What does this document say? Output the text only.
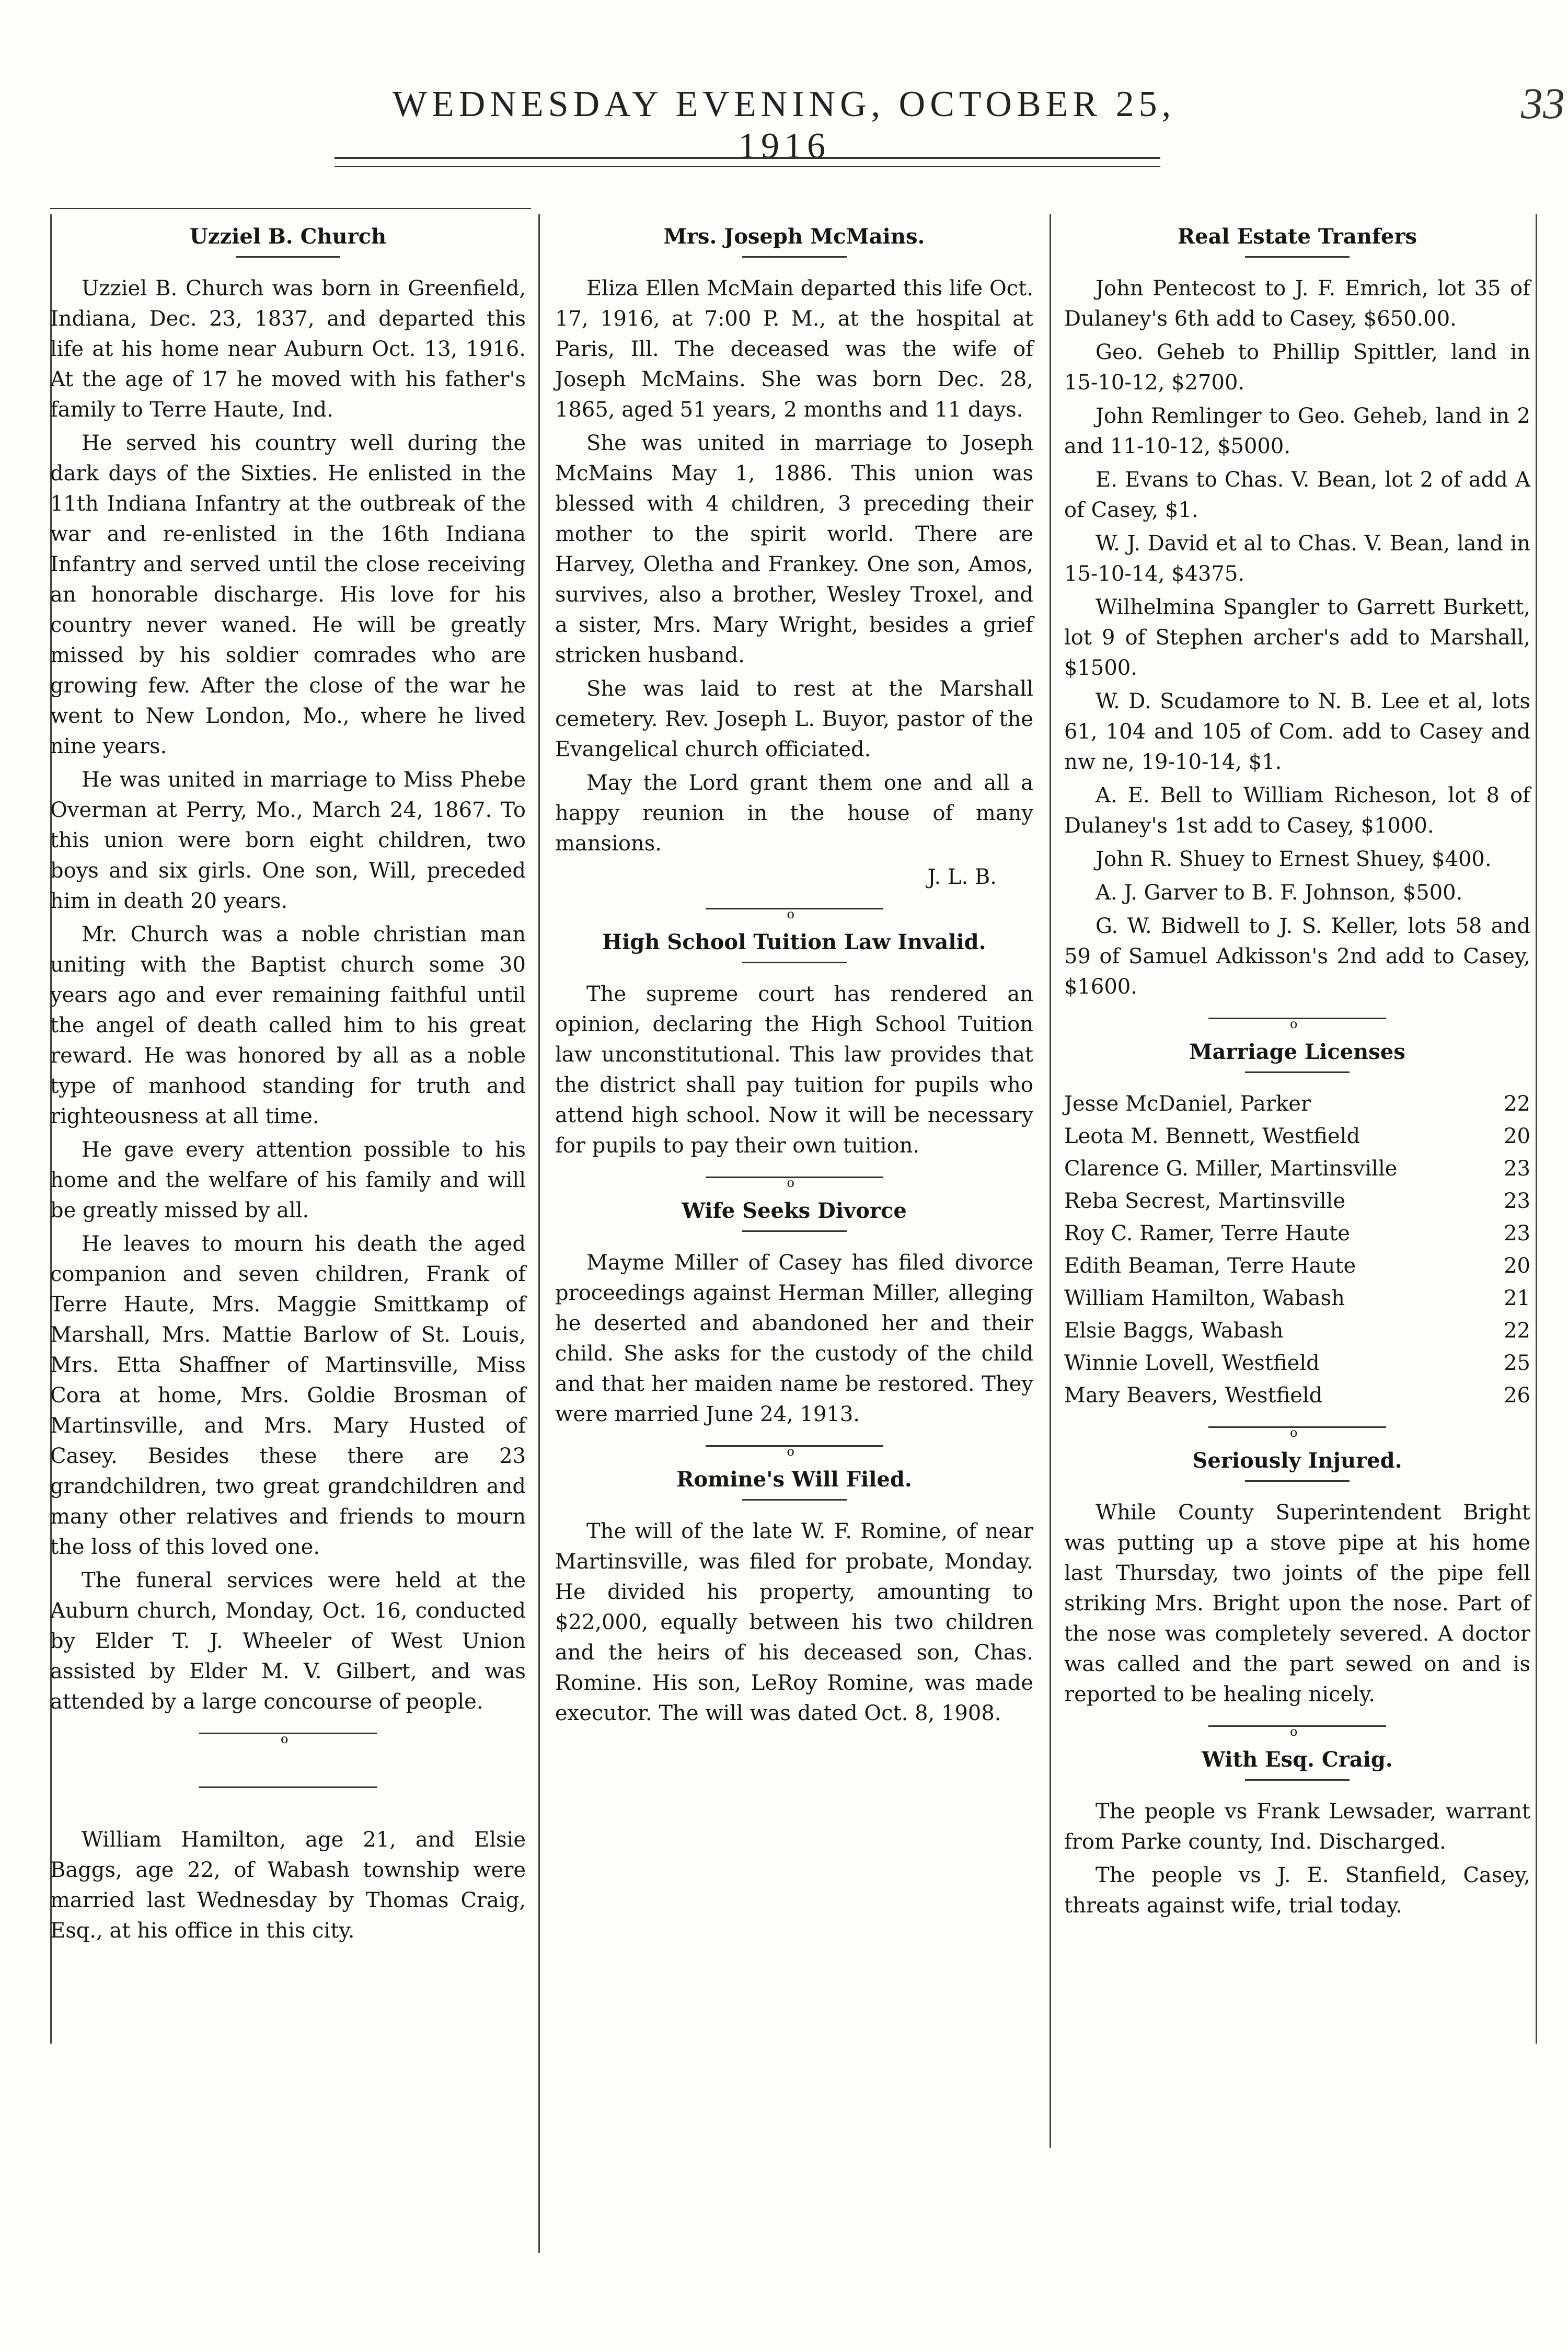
WEDNESDAY EVENING, OCTOBER 25, 1916
33
Uzziel B. Church

Uzziel B. Church was born in Greenfield, Indiana, Dec. 23, 1837, and departed this life at his home near Auburn Oct. 13, 1916. At the age of 17 he moved with his father's family to Terre Haute, Ind.

He served his country well during the dark days of the Sixties. He enlisted in the 11th Indiana Infantry at the outbreak of the war and re-enlisted in the 16th Indiana Infantry and served until the close receiving an honorable discharge. His love for his country never waned. He will be greatly missed by his soldier comrades who are growing few. After the close of the war he went to New London, Mo., where he lived nine years.

He was united in marriage to Miss Phebe Overman at Perry, Mo., March 24, 1867. To this union were born eight children, two boys and six girls. One son, Will, preceded him in death 20 years.

Mr. Church was a noble christian man uniting with the Baptist church some 30 years ago and ever remaining faithful until the angel of death called him to his great reward. He was honored by all as a noble type of manhood standing for truth and righteousness at all time.

He gave every attention possible to his home and the welfare of his family and will be greatly missed by all.

He leaves to mourn his death the aged companion and seven children, Frank of Terre Haute, Mrs. Maggie Smittkamp of Marshall, Mrs. Mattie Barlow of St. Louis, Mrs. Etta Shaffner of Martinsville, Miss Cora at home, Mrs. Goldie Brosman of Martinsville, and Mrs. Mary Husted of Casey. Besides these there are 23 grandchildren, two great grandchildren and many other relatives and friends to mourn the loss of this loved one.

The funeral services were held at the Auburn church, Monday, Oct. 16, conducted by Elder T. J. Wheeler of West Union assisted by Elder M. V. Gilbert, and was attended by a large concourse of people.

o

William Hamilton, age 21, and Elsie Baggs, age 22, of Wabash township were married last Wednesday by Thomas Craig, Esq., at his office in this city.

Mrs. Joseph McMains.

Eliza Ellen McMain departed this life Oct. 17, 1916, at 7:00 P. M., at the hospital at Paris, Ill. The deceased was the wife of Joseph McMains. She was born Dec. 28, 1865, aged 51 years, 2 months and 11 days.

She was united in marriage to Joseph McMains May 1, 1886. This union was blessed with 4 children, 3 preceding their mother to the spirit world. There are Harvey, Oletha and Frankey. One son, Amos, survives, also a brother, Wesley Troxel, and a sister, Mrs. Mary Wright, besides a grief stricken husband.

She was laid to rest at the Marshall cemetery. Rev. Joseph L. Buyor, pastor of the Evangelical church officiated.

May the Lord grant them one and all a happy reunion in the house of many mansions.

J. L. B.

o
High School Tuition Law Invalid.

The supreme court has rendered an opinion, declaring the High School Tuition law unconstitutional. This law provides that the district shall pay tuition for pupils who attend high school. Now it will be necessary for pupils to pay their own tuition.

o
Wife Seeks Divorce

Mayme Miller of Casey has filed divorce proceedings against Herman Miller, alleging he deserted and abandoned her and their child. She asks for the custody of the child and that her maiden name be restored. They were married June 24, 1913.

o
Romine's Will Filed.

The will of the late W. F. Romine, of near Martinsville, was filed for probate, Monday. He divided his property, amounting to $22,000, equally between his two children and the heirs of his deceased son, Chas. Romine. His son, LeRoy Romine, was made executor. The will was dated Oct. 8, 1908.

Real Estate Tranfers

John Pentecost to J. F. Emrich, lot 35 of Dulaney's 6th add to Casey, $650.00.

Geo. Geheb to Phillip Spittler, land in 15-10-12, $2700.

John Remlinger to Geo. Geheb, land in 2 and 11-10-12, $5000.

E. Evans to Chas. V. Bean, lot 2 of add A of Casey, $1.

W. J. David et al to Chas. V. Bean, land in 15-10-14, $4375.

Wilhelmina Spangler to Garrett Burkett, lot 9 of Stephen archer's add to Marshall, $1500.

W. D. Scudamore to N. B. Lee et al, lots 61, 104 and 105 of Com. add to Casey and nw ne, 19-10-14, $1.

A. E. Bell to William Richeson, lot 8 of Dulaney's 1st add to Casey, $1000.

John R. Shuey to Ernest Shuey, $400.

A. J. Garver to B. F. Johnson, $500.

G. W. Bidwell to J. S. Keller, lots 58 and 59 of Samuel Adkisson's 2nd add to Casey, $1600.

o
Marriage Licenses
Jesse McDaniel, Parker	22
Leota M. Bennett, Westfield	20
Clarence G. Miller, Martinsville	23
Reba Secrest, Martinsville	23
Roy C. Ramer, Terre Haute	23
Edith Beaman, Terre Haute	20
William Hamilton, Wabash	21
Elsie Baggs, Wabash	22
Winnie Lovell, Westfield	25
Mary Beavers, Westfield	26
o
Seriously Injured.

While County Superintendent Bright was putting up a stove pipe at his home last Thursday, two joints of the pipe fell striking Mrs. Bright upon the nose. Part of the nose was completely severed. A doctor was called and the part sewed on and is reported to be healing nicely.

o
With Esq. Craig.

The people vs Frank Lewsader, warrant from Parke county, Ind. Discharged.

The people vs J. E. Stanfield, Casey, threats against wife, trial today.
